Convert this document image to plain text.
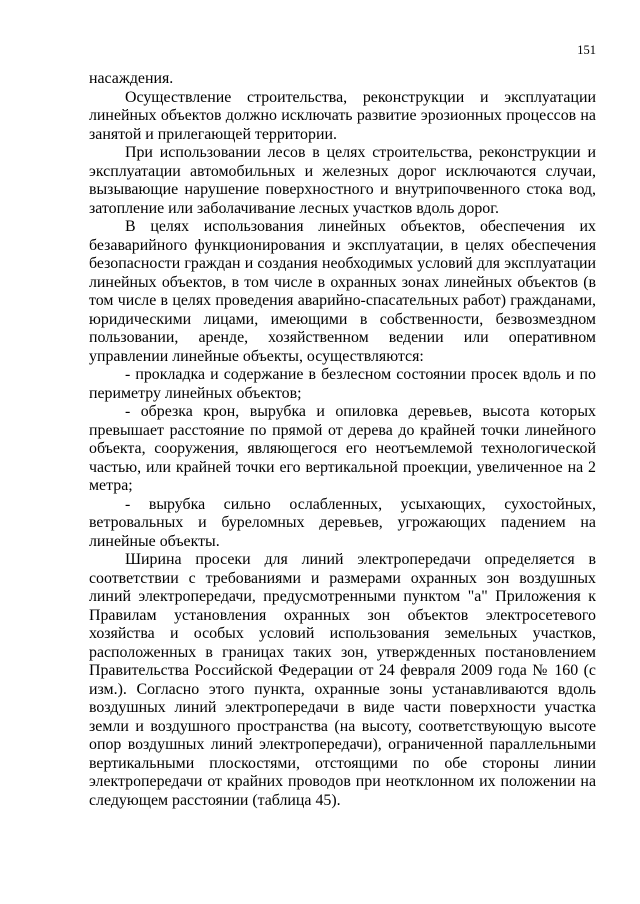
151

насаждения.

Осуществление строительства, реконструкции и эксплуатации линейных объектов должно исключать развитие эрозионных процессов на занятой и прилегающей территории.

При использовании лесов в целях строительства, реконструкции и эксплуатации автомобильных и железных дорог исключаются случаи, вызывающие нарушение поверхностного и внутрипочвенного стока вод, затопление или заболачивание лесных участков вдоль дорог.

В целях использования линейных объектов, обеспечения их безаварийного функционирования и эксплуатации, в целях обеспечения безопасности граждан и создания необходимых условий для эксплуатации линейных объектов, в том числе в охранных зонах линейных объектов (в том числе в целях проведения аварийно-спасательных работ) гражданами, юридическими лицами, имеющими в собственности, безвозмездном пользовании, аренде, хозяйственном ведении или оперативном управлении линейные объекты, осуществляются:

- прокладка и содержание в безлесном состоянии просек вдоль и по периметру линейных объектов;

- обрезка крон, вырубка и опиловка деревьев, высота которых превышает расстояние по прямой от дерева до крайней точки линейного объекта, сооружения, являющегося его неотъемлемой технологической частью, или крайней точки его вертикальной проекции, увеличенное на 2 метра;

- вырубка сильно ослабленных, усыхающих, сухостойных, ветровальных и буреломных деревьев, угрожающих падением на линейные объекты.

Ширина просеки для линий электропередачи определяется в соответствии с требованиями и размерами охранных зон воздушных линий электропередачи, предусмотренными пунктом "а" Приложения к Правилам установления охранных зон объектов электросетевого хозяйства и особых условий использования земельных участков, расположенных в границах таких зон, утвержденных постановлением Правительства Российской Федерации от 24 февраля 2009 года № 160 (с изм.). Согласно этого пункта, охранные зоны устанавливаются вдоль воздушных линий электропередачи в виде части поверхности участка земли и воздушного пространства (на высоту, соответствующую высоте опор воздушных линий электропередачи), ограниченной параллельными вертикальными плоскостями, отстоящими по обе стороны линии электропередачи от крайних проводов при неотклонном их положении на следующем расстоянии (таблица 45).
